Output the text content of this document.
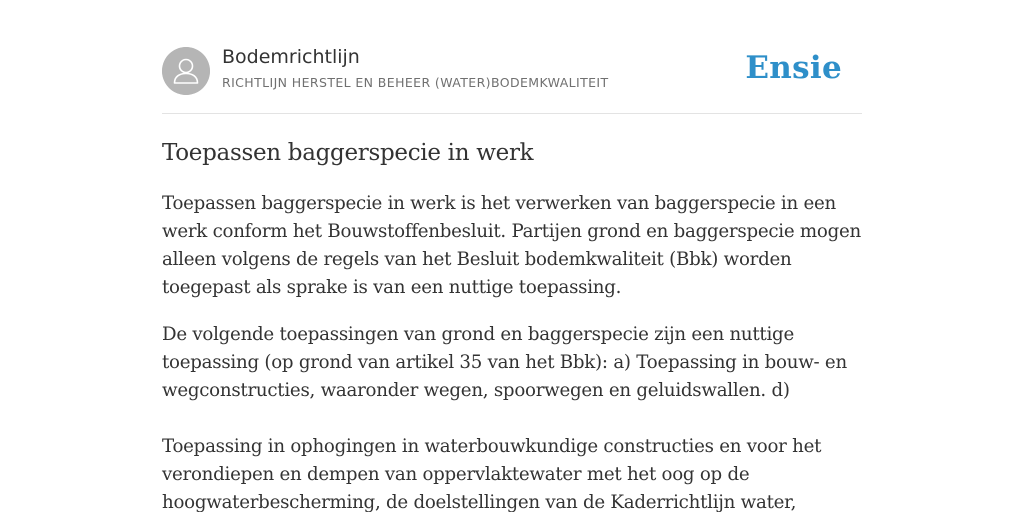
Bodemrichtlijn
RICHTLIJN HERSTEL EN BEHEER (WATER)BODEMKWALITEIT	Ensie
Toepassen baggerspecie in werk

Toepassen baggerspecie in werk is het verwerken van baggerspecie in een werk conform het Bouwstoffenbesluit. Partijen grond en baggerspecie mogen alleen volgens de regels van het Besluit bodemkwaliteit (Bbk) worden toegepast als sprake is van een nuttige toepassing.

De volgende toepassingen van grond en baggerspecie zijn een nuttige toepassing (op grond van artikel 35 van het Bbk): a) Toepassing in bouw- en wegconstructies, waaronder wegen, spoorwegen en geluidswallen. d)

Toepassing in ophogingen in waterbouwkundige constructies en voor het verondiepen en dempen van oppervlaktewater met het oog op de hoogwaterbescherming, de doelstellingen van de Kaderrichtlijn water,
